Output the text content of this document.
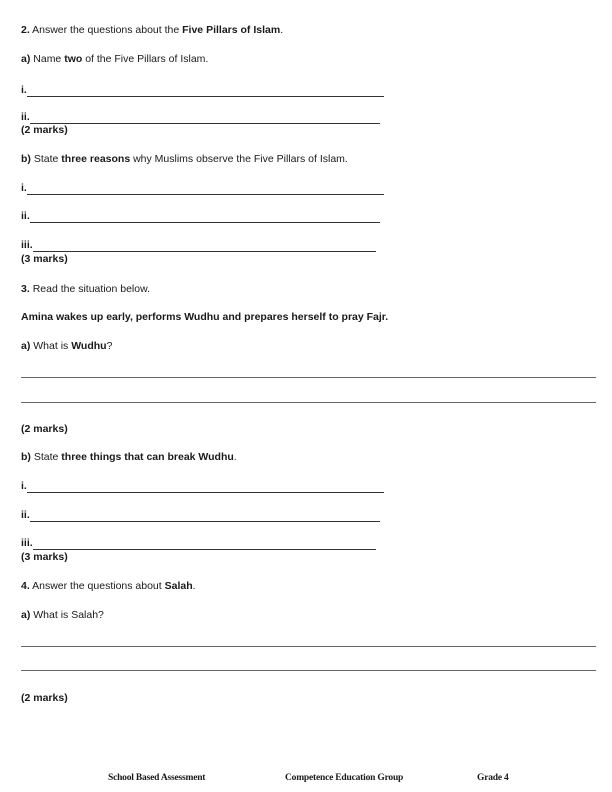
2. Answer the questions about the Five Pillars of Islam.
a) Name two of the Five Pillars of Islam.
i.
ii.
(2 marks)
b) State three reasons why Muslims observe the Five Pillars of Islam.
i.
ii.
iii.
(3 marks)
3. Read the situation below.
Amina wakes up early, performs Wudhu and prepares herself to pray Fajr.
a) What is Wudhu?
(2 marks)
b) State three things that can break Wudhu.
i.
ii.
iii.
(3 marks)
4. Answer the questions about Salah.
a) What is Salah?
(2 marks)
School Based Assessment	Competence Education Group	Grade 4
